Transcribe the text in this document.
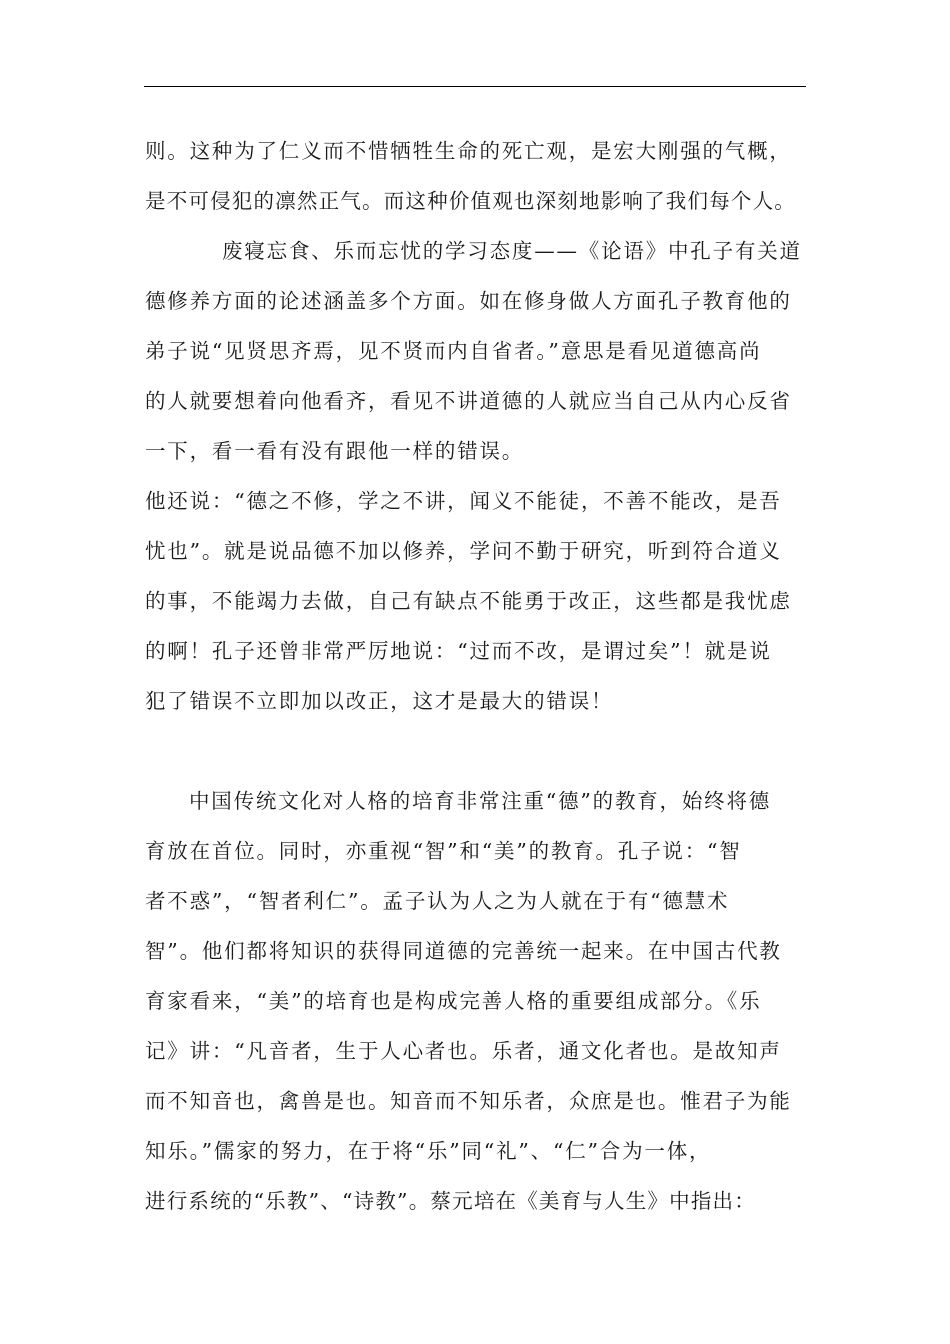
则。这种为了仁义而不惜牺牲生命的死亡观，是宏大刚强的气概，
是不可侵犯的凛然正气。而这种价值观也深刻地影响了我们每个人。
废寝忘食、乐而忘忧的学习态度——《论语》中孔子有关道
德修养方面的论述涵盖多个方面。如在修身做人方面孔子教育他的
弟子说“见贤思齐焉，见不贤而内自省者。”意思是看见道德高尚
的人就要想着向他看齐，看见不讲道德的人就应当自己从内心反省
一下，看一看有没有跟他一样的错误。
他还说：“德之不修，学之不讲，闻义不能徒，不善不能改，是吾
忧也”。就是说品德不加以修养，学问不勤于研究，听到符合道义
的事，不能竭力去做，自己有缺点不能勇于改正，这些都是我忧虑
的啊！孔子还曾非常严厉地说：“过而不改，是谓过矣”！就是说
犯了错误不立即加以改正，这才是最大的错误！
中国传统文化对人格的培育非常注重“德”的教育，始终将德
育放在首位。同时，亦重视“智”和“美”的教育。孔子说：“智
者不惑”，“智者利仁”。孟子认为人之为人就在于有“德慧术
智”。他们都将知识的获得同道德的完善统一起来。在中国古代教
育家看来，“美”的培育也是构成完善人格的重要组成部分。《乐
记》讲：“凡音者，生于人心者也。乐者，通文化者也。是故知声
而不知音也，禽兽是也。知音而不知乐者，众庶是也。惟君子为能
知乐。”儒家的努力，在于将“乐”同“礼”、“仁”合为一体，
进行系统的“乐教”、“诗教”。蔡元培在《美育与人生》中指出：
